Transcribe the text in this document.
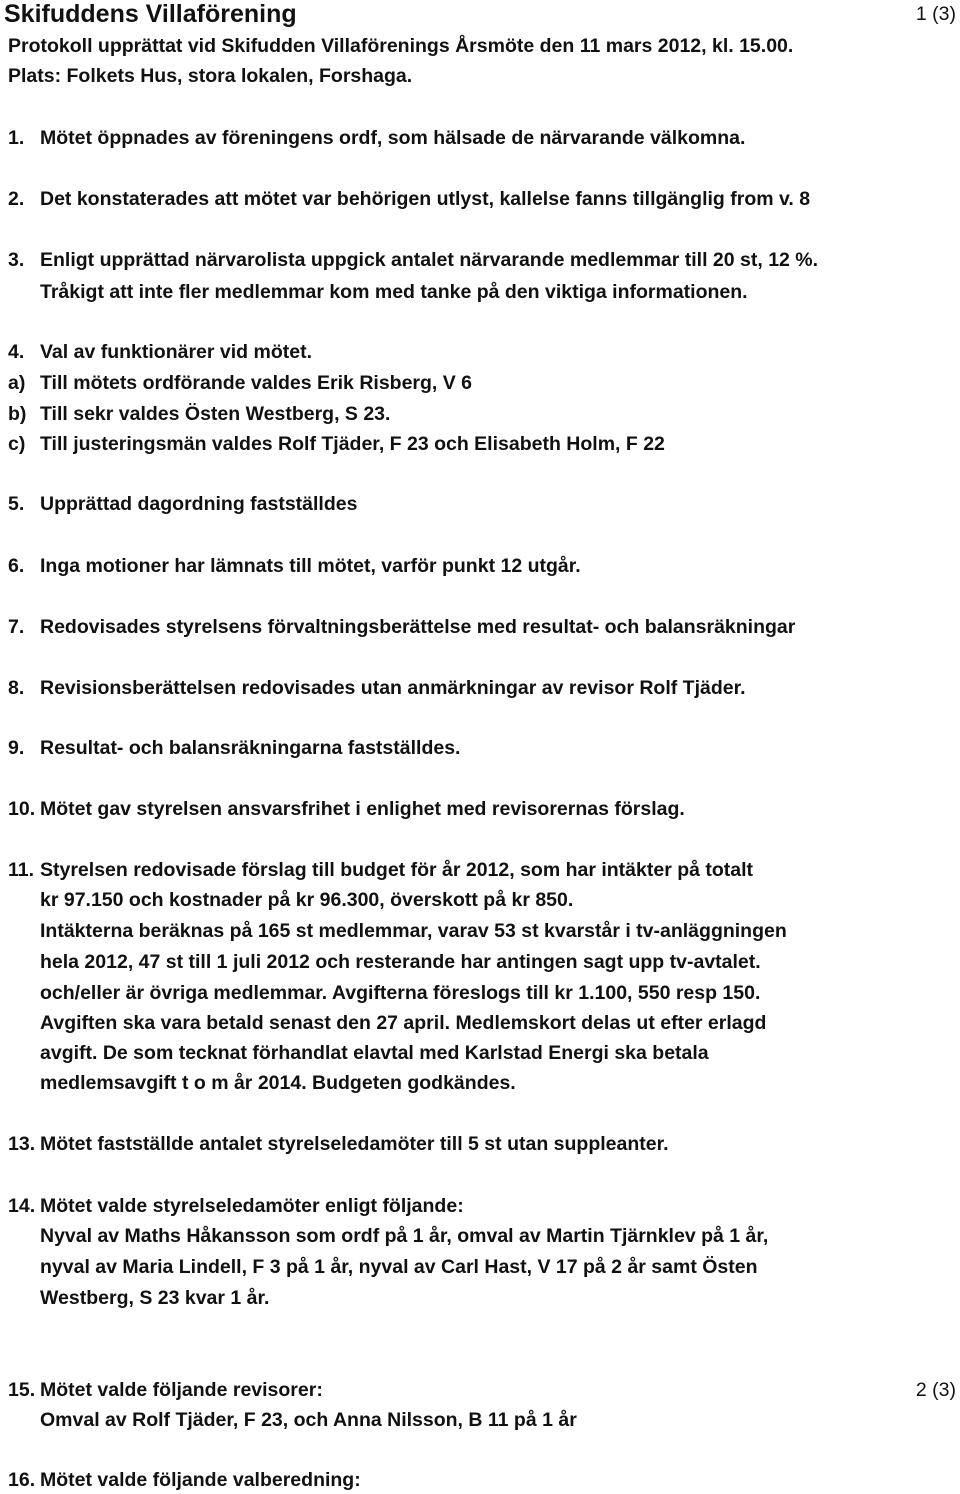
Skifuddens Villaförening	1 (3)
Protokoll upprättat vid Skifudden Villaförenings Årsmöte den 11 mars 2012, kl. 15.00.
Plats: Folkets Hus, stora lokalen, Forshaga.
1. Mötet öppnades av föreningens ordf, som hälsade de närvarande välkomna.
2. Det konstaterades att mötet var behörigen utlyst, kallelse fanns tillgänglig from v. 8
3. Enligt upprättad närvarolista uppgick antalet närvarande medlemmar till 20 st, 12 %.
Tråkigt att inte fler medlemmar kom med tanke på den viktiga informationen.
4. Val av funktionärer vid mötet.
a) Till mötets ordförande valdes Erik Risberg, V 6
b) Till sekr valdes Östen Westberg, S 23.
c) Till justeringsmän valdes Rolf Tjäder, F 23 och Elisabeth Holm, F 22
5. Upprättad dagordning fastställdes
6. Inga motioner har lämnats till mötet, varför punkt 12 utgår.
7. Redovisades styrelsens förvaltningsberättelse med resultat- och balansräkningar
8. Revisionsberättelsen redovisades utan anmärkningar av revisor Rolf Tjäder.
9. Resultat- och balansräkningarna fastställdes.
10. Mötet gav styrelsen ansvarsfrihet i enlighet med revisorernas förslag.
11. Styrelsen redovisade förslag till budget för år 2012, som har intäkter på totalt
kr 97.150 och kostnader på kr 96.300, överskott på kr 850.
Intäkterna beräknas på 165 st medlemmar, varav 53 st kvarstår i tv-anläggningen
hela 2012, 47 st till 1 juli 2012 och resterande har antingen sagt upp tv-avtalet.
och/eller är övriga medlemmar. Avgifterna föreslogs till kr 1.100, 550 resp 150.
Avgiften ska vara betald senast den 27 april. Medlemskort delas ut efter erlagd
avgift. De som tecknat förhandlat elavtal med Karlstad Energi ska betala
medlemsavgift t o m år 2014. Budgeten godkändes.
13. Mötet fastställde antalet styrelseledamöter till 5 st utan suppleanter.
14. Mötet valde styrelseledamöter enligt följande:
Nyval av Maths Håkansson som ordf på 1 år, omval av Martin Tjärnklev på 1 år,
nyval av Maria Lindell, F 3 på 1 år, nyval av Carl Hast, V 17 på 2 år samt Östen
Westberg, S 23 kvar 1 år.
15. Mötet valde följande revisorer:	2 (3)
Omval av Rolf Tjäder, F 23, och Anna Nilsson, B 11 på 1 år
16. Mötet valde följande valberedning:
